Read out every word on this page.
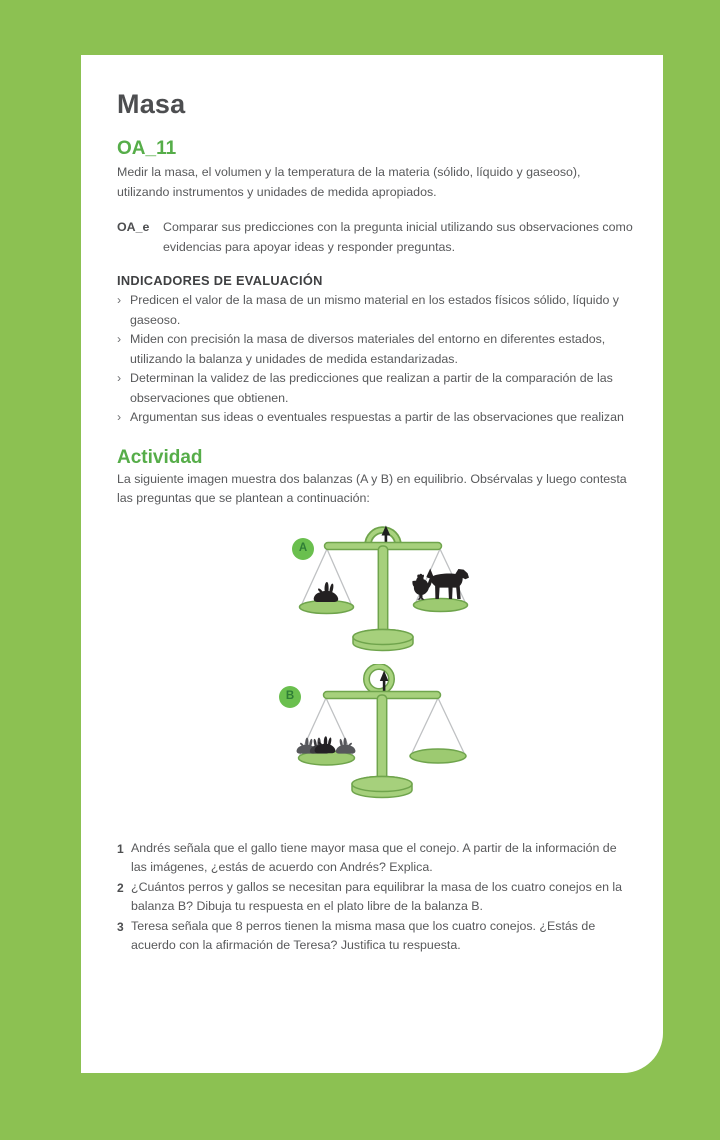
Masa
OA_11

Medir la masa, el volumen y la temperatura de la materia (sólido, líquido y gaseoso), utilizando instrumentos y unidades de medida apropiados.

OA_e	Comparar sus predicciones con la pregunta inicial utilizando sus observaciones como evidencias para apoyar ideas y responder preguntas.
INDICADORES DE EVALUACIÓN
› Predicen el valor de la masa de un mismo material en los estados físicos sólido, líquido y gaseoso.
› Miden con precisión la masa de diversos materiales del entorno en diferentes estados, utilizando la balanza y unidades de medida estandarizadas.
› Determinan la validez de las predicciones que realizan a partir de la comparación de las observaciones que obtienen.
› Argumentan sus ideas o eventuales respuestas a partir de las observaciones que realizan
Actividad

La siguiente imagen muestra dos balanzas (A y B) en equilibrio. Obsérvalas y luego contesta las preguntas que se plantean a continuación:

A
B
1 Andrés señala que el gallo tiene mayor masa que el conejo. A partir de la información de las imágenes, ¿estás de acuerdo con Andrés? Explica.
2 ¿Cuántos perros y gallos se necesitan para equilibrar la masa de los cuatro conejos en la balanza B? Dibuja tu respuesta en el plato libre de la balanza B.
3 Teresa señala que 8 perros tienen la misma masa que los cuatro conejos. ¿Estás de acuerdo con la afirmación de Teresa? Justifica tu respuesta.
